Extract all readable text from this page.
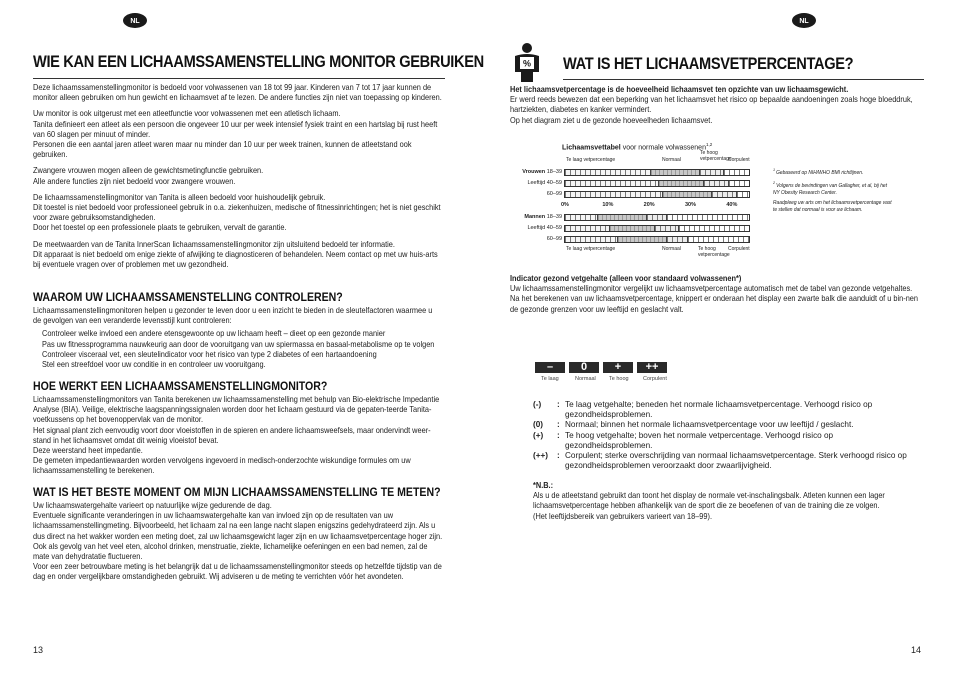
NL
WIE KAN EEN LICHAAMSSAMENSTELLING MONITOR GEBRUIKEN
Deze lichaamssamenstellingmonitor is bedoeld voor volwassenen van 18 tot 99 jaar. Kinderen van 7 tot 17 jaar kunnen de monitor alleen gebruiken om hun gewicht en lichaamsvet af te lezen. De andere functies zijn niet van toepassing op kinderen.
Uw monitor is ook uitgerust met een atleetfunctie voor volwassenen met een atletisch lichaam.
Tanita definieert een atleet als een persoon die ongeveer 10 uur per week intensief fysiek traint en een hartslag bij rust heeft van 60 slagen per minuut of minder.
Personen die een aantal jaren atleet waren maar nu minder dan 10 uur per week trainen, kunnen de atleetstand ook gebruiken.
Zwangere vrouwen mogen alleen de gewichtsmetingfunctie gebruiken.
Alle andere functies zijn niet bedoeld voor zwangere vrouwen.
De lichaamssamenstellingmonitor van Tanita is alleen bedoeld voor huishoudelijk gebruik.
Dit toestel is niet bedoeld voor professioneel gebruik in o.a. ziekenhuizen, medische of fitnessinrichtingen; het is niet geschikt voor zware gebruiksomstandigheden.
Door het toestel op een professionele plaats te gebruiken, vervalt de garantie.
De meetwaarden van de Tanita InnerScan lichaamssamenstellingmonitor zijn uitsluitend bedoeld ter informatie.
Dit apparaat is niet bedoeld om enige ziekte of afwijking te diagnosticeren of behandelen. Neem contact op met uw huis-arts bij eventuele vragen over of problemen met uw gezondheid.
WAAROM UW LICHAAMSSAMENSTELLING CONTROLEREN?
Lichaamssamenstellingmonitoren helpen u gezonder te leven door u een inzicht te bieden in de sleutelfactoren waarmee u de gevolgen van een veranderde levensstijl kunt controleren:
Controleer welke invloed een andere etensgewoonte op uw lichaam heeft – dieet op een gezonde manier
Pas uw fitnessprogramma nauwkeurig aan door de vooruitgang van uw spiermassa en basaal-metabolisme op te volgen
Controleer visceraal vet, een sleutelindicator voor het risico van type 2 diabetes of een hartaandoening
Stel een streefdoel voor uw conditie in en controleer uw vooruitgang.
HOE WERKT EEN LICHAAMSSAMENSTELLINGMONITOR?
Lichaamssamenstellingmonitors van Tanita berekenen uw lichaamssamenstelling met behulp van Bio-elektrische Impedantie Analyse (BIA). Veilige, elektrische laagspanningssignalen worden door het lichaam gestuurd via de gepaten-teerde Tanita-voetkussens op het bovenoppervlak van de monitor.
Het signaal plant zich eenvoudig voort door vloeistoffen in de spieren en andere lichaamsweefsels, maar ondervindt weer-stand in het lichaamsvet omdat dit weinig vloeistof bevat.
Deze weerstand heet impedantie.
De gemeten impedantiewaarden worden vervolgens ingevoerd in medisch-onderzochte wiskundige formules om uw lichaamssamenstelling te berekenen.
WAT IS HET BESTE MOMENT OM MIJN LICHAAMSSAMENSTELLING TE METEN?
Uw lichaamswatergehalte varieert op natuurlijke wijze gedurende de dag.
Eventuele significante veranderingen in uw lichaamswatergehalte kan van invloed zijn op de resultaten van uw lichaamssamenstellingmeting. Bijvoorbeeld, het lichaam zal na een lange nacht slapen enigszins gedehydrateerd zijn. Als u dus direct na het wakker worden een meting doet, zal uw lichaamsgewicht lager zijn en uw lichaamsvetpercentage hoger zijn. Ook als gevolg van het veel eten, alcohol drinken, menstruatie, ziekte, lichamelijke oefeningen en een bad nemen, zal de mate van dehydratatie fluctueren.
Voor een zeer betrouwbare meting is het belangrijk dat u de lichaamssamenstellingmonitor steeds op hetzelfde tijdstip van de dag en onder vergelijkbare omstandigheden gebruikt. Wij adviseren u de meting te verrichten vóór het avondeten.
13
NL
% WAT IS HET LICHAAMSVETPERCENTAGE?
Het lichaamsvetpercentage is de hoeveelheid lichaamsvet ten opzichte van uw lichaamsgewicht.
Er werd reeds bewezen dat een beperking van het lichaamsvet het risico op bepaalde aandoeningen zoals hoge bloeddruk, hartziekten, diabetes en kanker vermindert.
Op het diagram ziet u de gezonde hoeveelheden lichaamsvet.
Indicator gezond vetgehalte (alleen voor standaard volwassenen*)
Uw lichaamssamenstellingmonitor vergelijkt uw lichaamsvetpercentage automatisch met de tabel van gezonde vetgehaltes.
Na het berekenen van uw lichaamsvetpercentage, knippert er onderaan het display een zwarte balk die aanduidt of u bin-nen de gezonde grenzen voor uw leeftijd en geslacht valt.
*N.B.:
Als u de atleetstand gebruikt dan toont het display de normale vet-inschalingsbalk. Atleten kunnen een lager lichaamsvetpercentage hebben afhankelijk van de sport die ze beoefenen of van de training die ze volgen.
(Het leeftijdsbereik van gebruikers varieert van 18–99).
14
Lichaamsvettabel voor normale volwassenen$^{1,2}$
Te laag vetpercentage	Normaal
Te hoog vetpercentage
Corpulent
Vrouwen 18–39
Leeftijd 40–59
60–99
Mannen 18–39
Leeftijd 40–59
60–99
0%	10%	20%	30%	40%
Te laag vetpercentage	Normaal	Te hoog vetpercentage
Corpulent
$^1$ Gebaseerd op NIH/WHO BMI richtlijnen.
$^2$ Volgens de bevindingen van Gallagher, et al, bij het NY Obesity Research Center.
Raadpleeg uw arts om het lichaamsvetpercentage vast te stellen dat normaal is voor uw lichaam.
–
Te laag
0
Normaal
+
Te hoog
++
Corpulent
(-)	: Te laag vetgehalte; beneden het normale lichaamsvetpercentage. Verhoogd risico op gezondheidsproblemen.
(0)	: Normaal; binnen het normale lichaamsvetpercentage voor uw leeftijd / geslacht.
(+)	: Te hoog vetgehalte; boven het normale vetpercentage. Verhoogd risico op gezondheidsproblemen.
(++)	: Corpulent; sterke overschrijding van normaal lichaamsvetpercentage. Sterk verhoogd risico op gezondheidsproblemen veroorzaakt door zwaarlijvigheid.
